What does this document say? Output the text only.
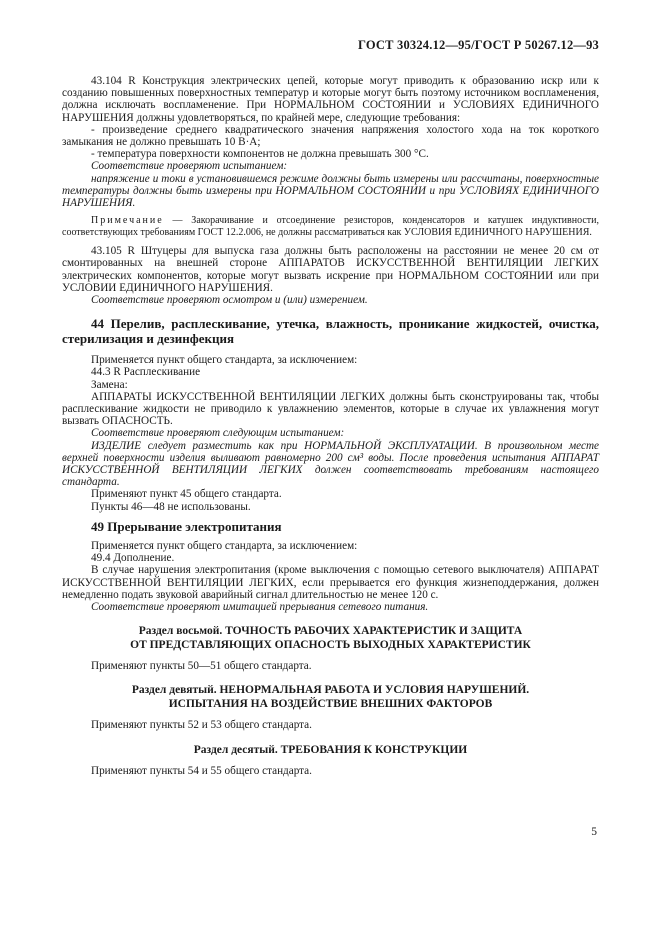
ГОСТ 30324.12—95/ГОСТ Р 50267.12—93

43.104 R Конструкция электрических цепей, которые могут приводить к образованию искр или к созданию повышенных поверхностных температур и которые могут быть поэтому источником воспламенения, должна исключать воспламенение. При НОРМАЛЬНОМ СОСТОЯНИИ и УСЛОВИЯХ ЕДИНИЧНОГО НАРУШЕНИЯ должны удовлетворяться, по крайней мере, следующие требования:

- произведение среднего квадратического значения напряжения холостого хода на ток короткого замыкания не должно превышать 10 В·А;

- температура поверхности компонентов не должна превышать 300 °С.

Соответствие проверяют испытанием:

напряжение и токи в установившемся режиме должны быть измерены или рассчитаны, поверхностные температуры должны быть измерены при НОРМАЛЬНОМ СОСТОЯНИИ и при УСЛОВИЯХ ЕДИНИЧНОГО НАРУШЕНИЯ.

Примечание — Закорачивание и отсоединение резисторов, конденсаторов и катушек индуктивности, соответствующих требованиям ГОСТ 12.2.006, не должны рассматриваться как УСЛОВИЯ ЕДИНИЧНОГО НАРУШЕНИЯ.

43.105 R Штуцеры для выпуска газа должны быть расположены на расстоянии не менее 20 см от смонтированных на внешней стороне АППАРАТОВ ИСКУССТВЕННОЙ ВЕНТИЛЯЦИИ ЛЕГКИХ электрических компонентов, которые могут вызвать искрение при НОРМАЛЬНОМ СОСТОЯНИИ или при УСЛОВИИ ЕДИНИЧНОГО НАРУШЕНИЯ.

Соответствие проверяют осмотром и (или) измерением.

44 Перелив, расплескивание, утечка, влажность, проникание жидкостей, очистка, стерилизация и дезинфекция

Применяется пункт общего стандарта, за исключением:

44.3 R Расплескивание

Замена:

АППАРАТЫ ИСКУССТВЕННОЙ ВЕНТИЛЯЦИИ ЛЕГКИХ должны быть сконструированы так, чтобы расплескивание жидкости не приводило к увлажнению элементов, которые в случае их увлажнения могут вызвать ОПАСНОСТЬ.

Соответствие проверяют следующим испытанием:

ИЗДЕЛИЕ следует разместить как при НОРМАЛЬНОЙ ЭКСПЛУАТАЦИИ. В произвольном месте верхней поверхности изделия выливают равномерно 200 см³ воды. После проведения испытания АППАРАТ ИСКУССТВЕННОЙ ВЕНТИЛЯЦИИ ЛЕГКИХ должен соответствовать требованиям настоящего стандарта.

Применяют пункт 45 общего стандарта.

Пункты 46—48 не использованы.

49 Прерывание электропитания

Применяется пункт общего стандарта, за исключением:

49.4 Дополнение.

В случае нарушения электропитания (кроме выключения с помощью сетевого выключателя) АППАРАТ ИСКУССТВЕННОЙ ВЕНТИЛЯЦИИ ЛЕГКИХ, если прерывается его функция жизнеподдержания, должен немедленно подать звуковой аварийный сигнал длительностью не менее 120 с.

Соответствие проверяют имитацией прерывания сетевого питания.

Раздел восьмой. ТОЧНОСТЬ РАБОЧИХ ХАРАКТЕРИСТИК И ЗАЩИТА
ОТ ПРЕДСТАВЛЯЮЩИХ ОПАСНОСТЬ ВЫХОДНЫХ ХАРАКТЕРИСТИК

Применяют пункты 50—51 общего стандарта.

Раздел девятый. НЕНОРМАЛЬНАЯ РАБОТА И УСЛОВИЯ НАРУШЕНИЙ.
ИСПЫТАНИЯ НА ВОЗДЕЙСТВИЕ ВНЕШНИХ ФАКТОРОВ

Применяют пункты 52 и 53 общего стандарта.

Раздел десятый. ТРЕБОВАНИЯ К КОНСТРУКЦИИ

Применяют пункты 54 и 55 общего стандарта.

5
